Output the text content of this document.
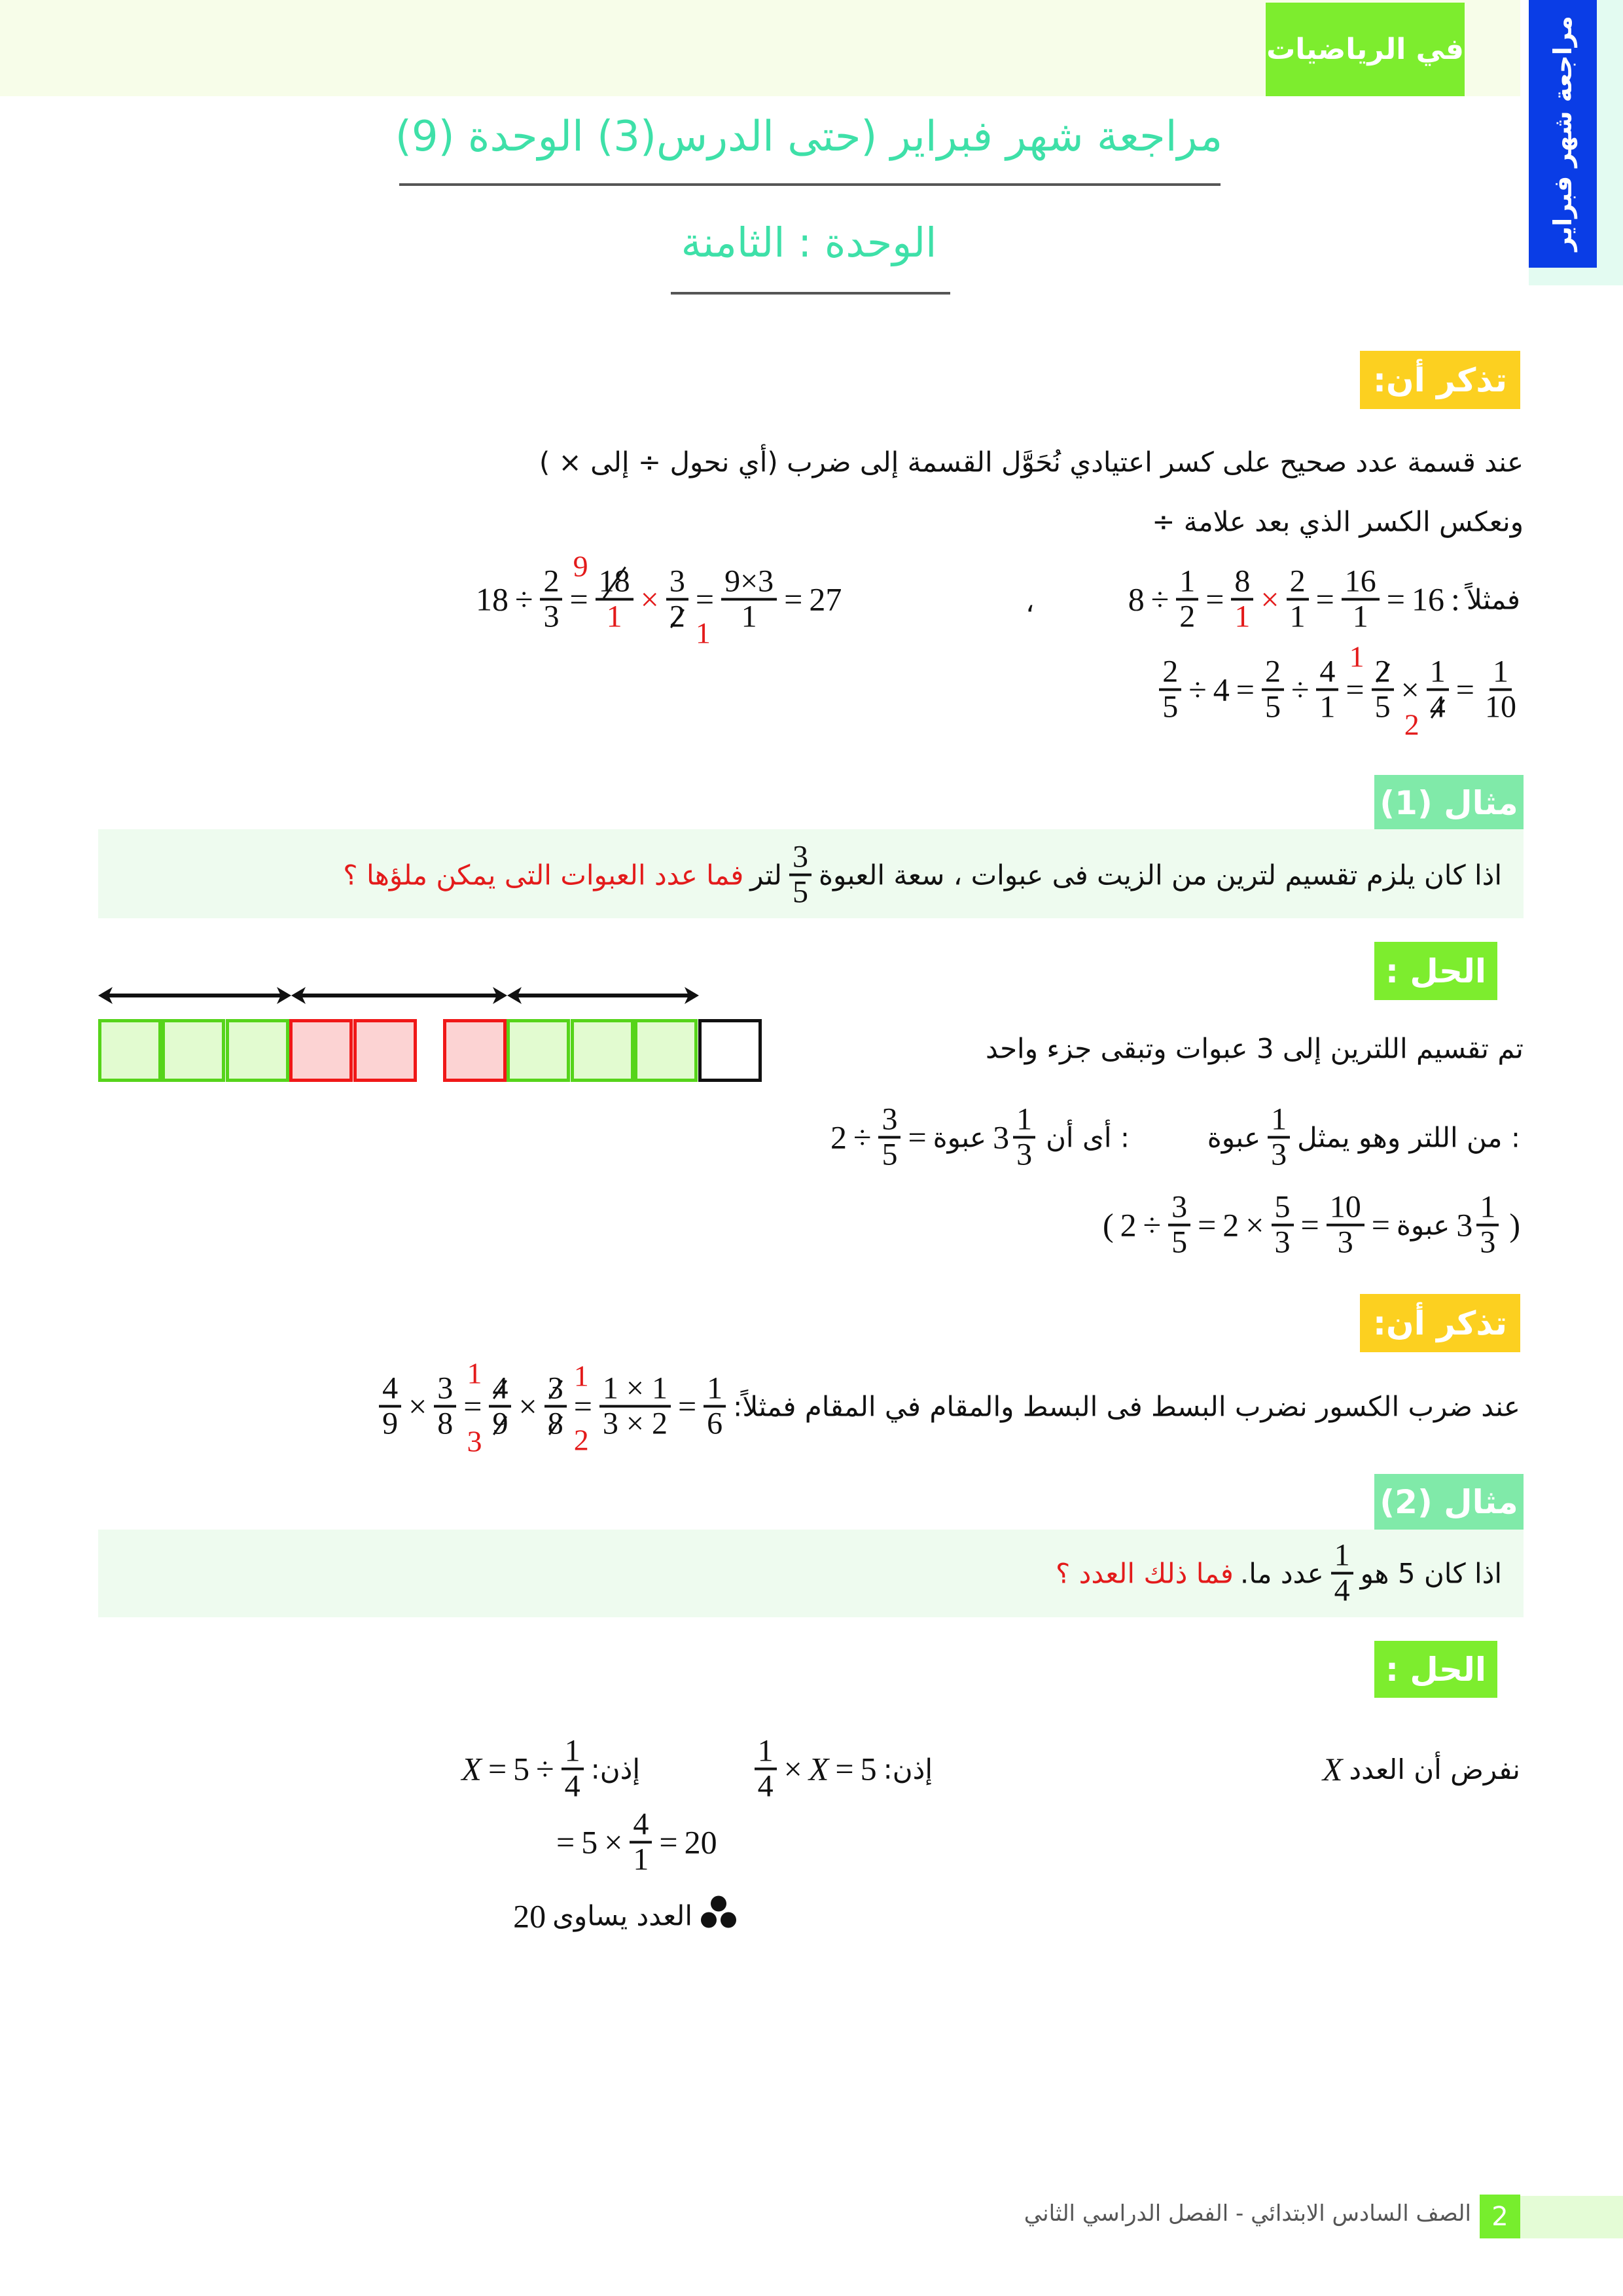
في الرياضيات	مراجعة شهر فبراير
مراجعة شهر فبراير (حتى الدرس(3) الوحدة (9)
الوحدة : الثامنة
تذكر أن:
عند قسمة عدد صحيح على كسر اعتيادي نُحَوَّل القسمة إلى ضرب (أي نحول ÷ إلى × )
ونعكس الكسر الذي بعد علامة ÷
$8 \div \frac{1}{2} = \frac{8}{1} \times \frac{2}{1} = \frac{16}{1} = 16$ : فمثلاً
،
$18 \div \frac{2}{3} = 18$
1
9
× 3
2 1
= $\frac{9\times 3}{1} = 27$
$\frac{2}{5} \div 4 = \frac{2}{5} \div \frac{4}{1} = 2$
5
1
× 1
4
2
= $\frac{1}{10}$
مثال (1)
فما عدد العبوات التى يمكن ملؤها ؟ لتر $\frac{3}{5}$ اذا كان يلزم تقسيم لترين من الزيت فى عبوات ، سعة العبوة
الحل :
تم تقسيم اللترين إلى 3 عبوات وتبقى جزء واحد
عبوة $\frac{1}{3}$ : من اللتر وهو يمثل
$2 \div \frac{3}{5}$ = عبوة $3 \frac{1}{3}$ : أى أن
( $2 \div \frac{3}{5} = 2 \times \frac{5}{3} = \frac{10}{3}$ = عبوة $3 \frac{1}{3}$ )
تذكر أن:
$\frac{4}{9} \times \frac{3}{8} = 4$
9
1
3
× 3
8
1
2
= $\frac{1 \times 1}{3 \times 2} = \frac{1}{6}$ عند ضرب الكسور نضرب البسط فى البسط والمقام في المقام فمثلاً:
مثال (2)
فما ذلك العدد ؟ عدد ما. $\frac{1}{4}$ اذا كان 5 هو
الحل :
X نفرض أن العدد
$\frac{1}{4} \times X = 5$ إذن:
$X = 5 \div \frac{1}{4}$ إذن:
= $5 \times \frac{4}{1} = 20$
20 العدد يساوى
2
الصف السادس الابتدائي - الفصل الدراسي الثاني
